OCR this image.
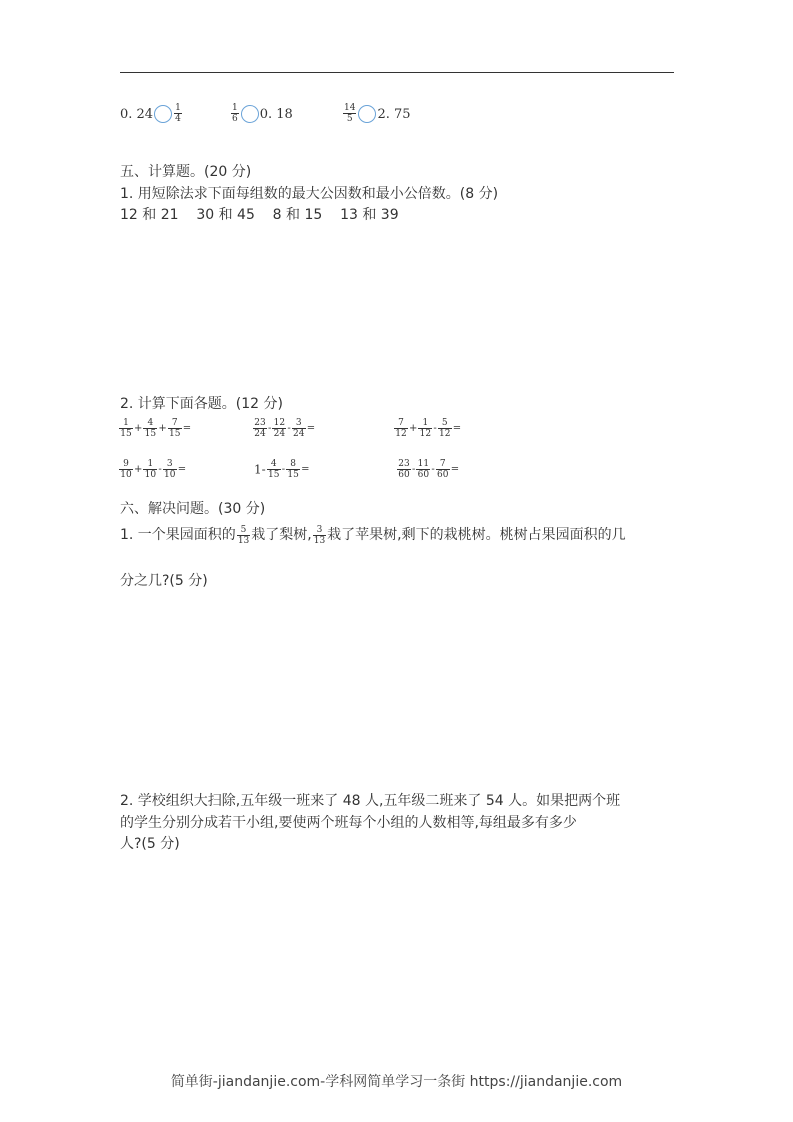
0. $24 \frac{1}{4}$	$\frac{1}{6} 0$. 18	$\frac{14}{5} 2$. 75
五、计算题。(20 分)
1. 用短除法求下面每组数的最大公因数和最小公倍数。(8 分)
12 和 21    30 和 45    8 和 15    13 和 39
2. 计算下面各题。(12 分)
$\frac{1}{15} + \frac{4}{15} + \frac{7}{15}$ =	$\frac{23}{24} - \frac{12}{24} - \frac{3}{24}$ =	$\frac{7}{12} + \frac{1}{12} - \frac{5}{12}$ =
$\frac{9}{10} + \frac{1}{10} - \frac{3}{10}$ =	$1- \frac{4}{15} - \frac{8}{15}$ =	$\frac{23}{60} - \frac{11}{60} - \frac{7}{60}$ =
六、解决问题。(30 分)
1. 一个果园面积的 $\frac{5}{13}$ 栽了梨树, $\frac{3}{13}$ 栽了苹果树,剩下的栽桃树。桃树占果园面积的几
分之几?(5 分)
2. 学校组织大扫除,五年级一班来了 48 人,五年级二班来了 54 人。如果把两个班
的学生分别分成若干小组,要使两个班每个小组的人数相等,每组最多有多少
人?(5 分)
简单街-jiandanjie.com-学科网简单学习一条街 https://jiandanjie.com
